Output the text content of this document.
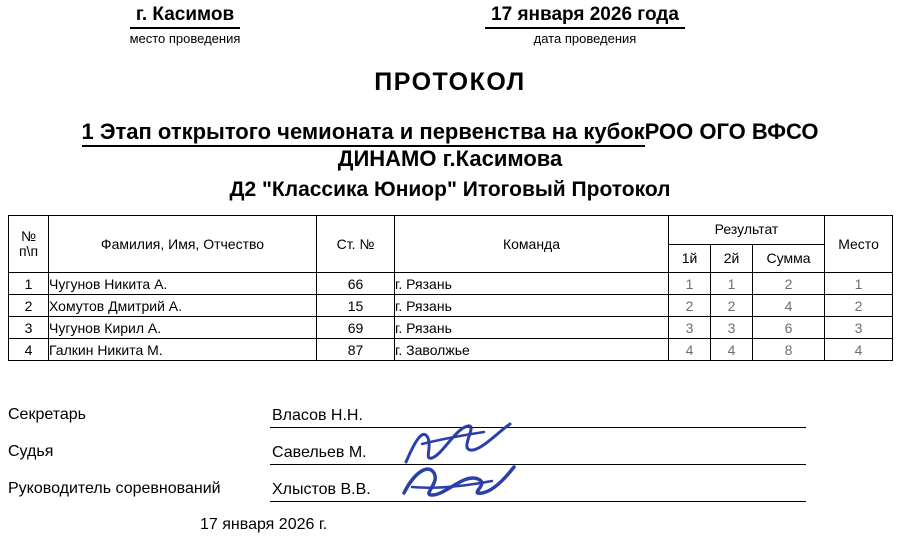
г. Касимов
место проведения
17 января 2026 года
дата проведения
ПРОТОКОЛ
1 Этап открытого чемионата и первенства на кубокРОО ОГО ВФСО
ДИНАМО г.Касимова
Д2 "Классика Юниор" Итоговый Протокол
№
п\п	Фамилия, Имя, Отчество	Ст. №	Команда	Результат			Место
				1й	2й	Сумма	
1	Чугунов Никита А.	66	г. Рязань	1	1	2	1
2	Хомутов Дмитрий А.	15	г. Рязань	2	2	4	2
3	Чугунов Кирил А.	69	г. Рязань	3	3	6	3
4	Галкин Никита М.	87	г. Заволжье	4	4	8	4
Секретарь	Власов Н.Н.
Судья	Савельев М.
Руководитель соревнований	Хлыстов В.В.
17 января 2026 г.
